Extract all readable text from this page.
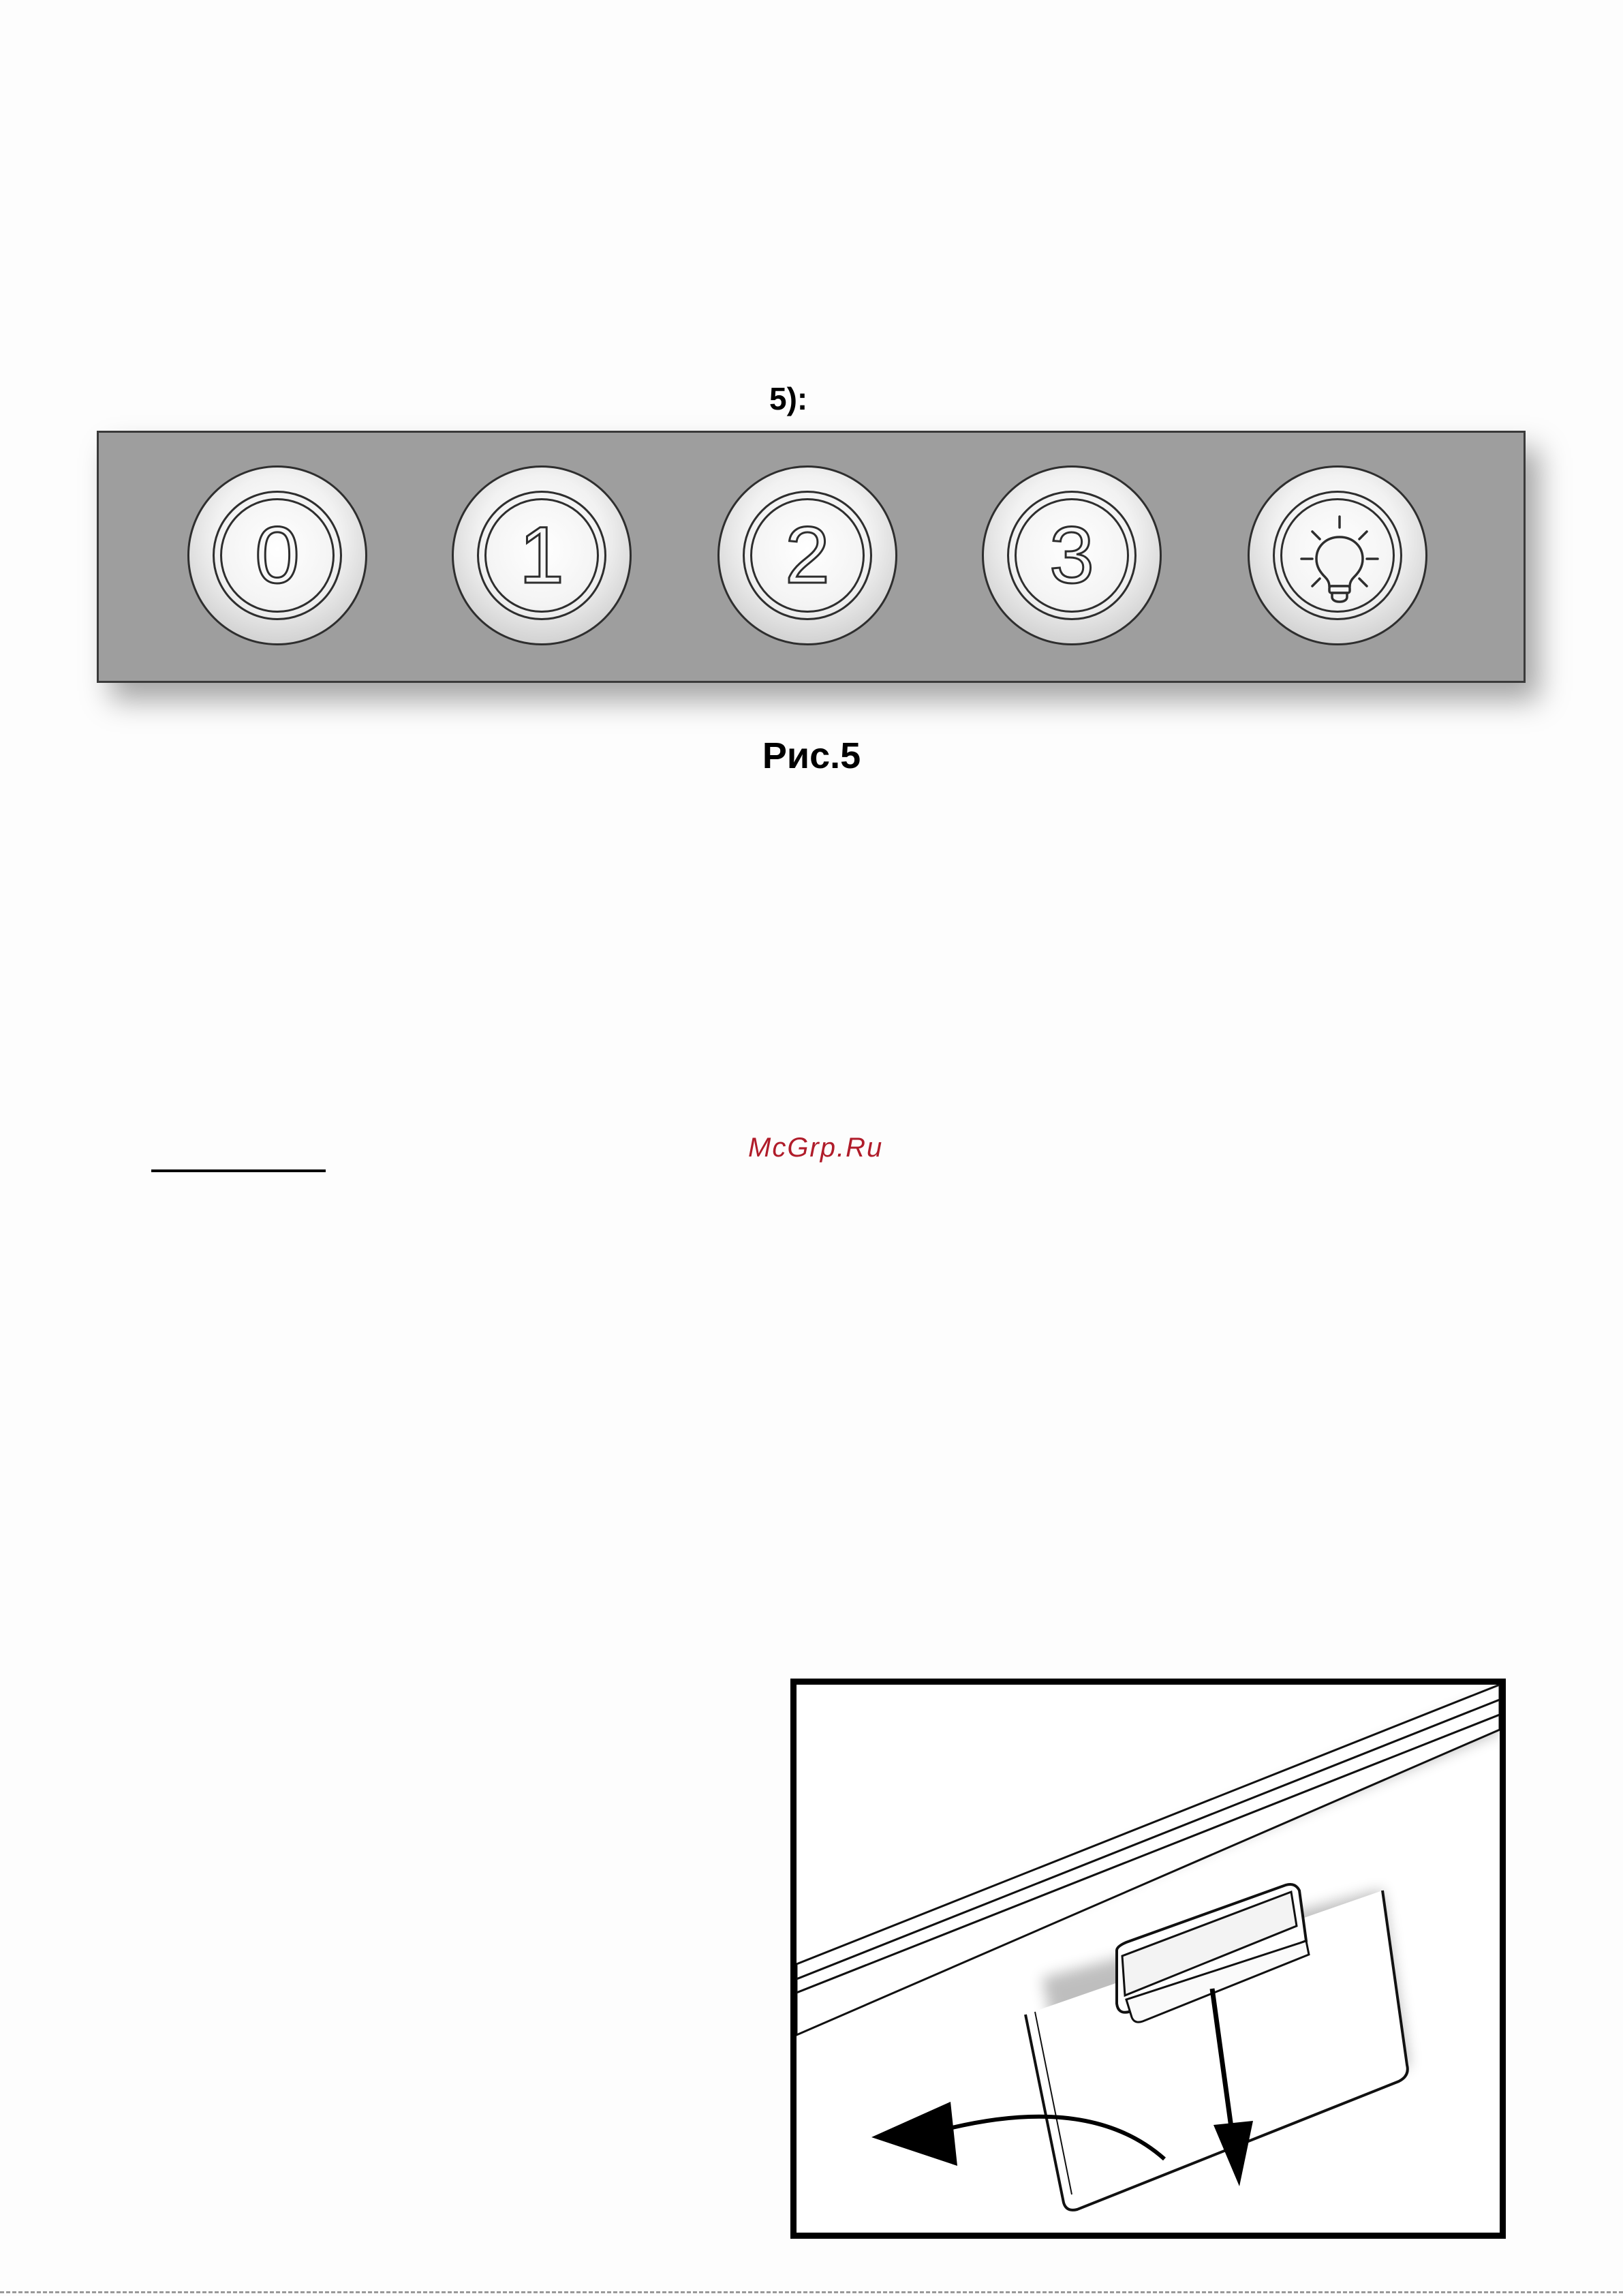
5):
0	1	2	3
Рис.5
McGrp.Ru
